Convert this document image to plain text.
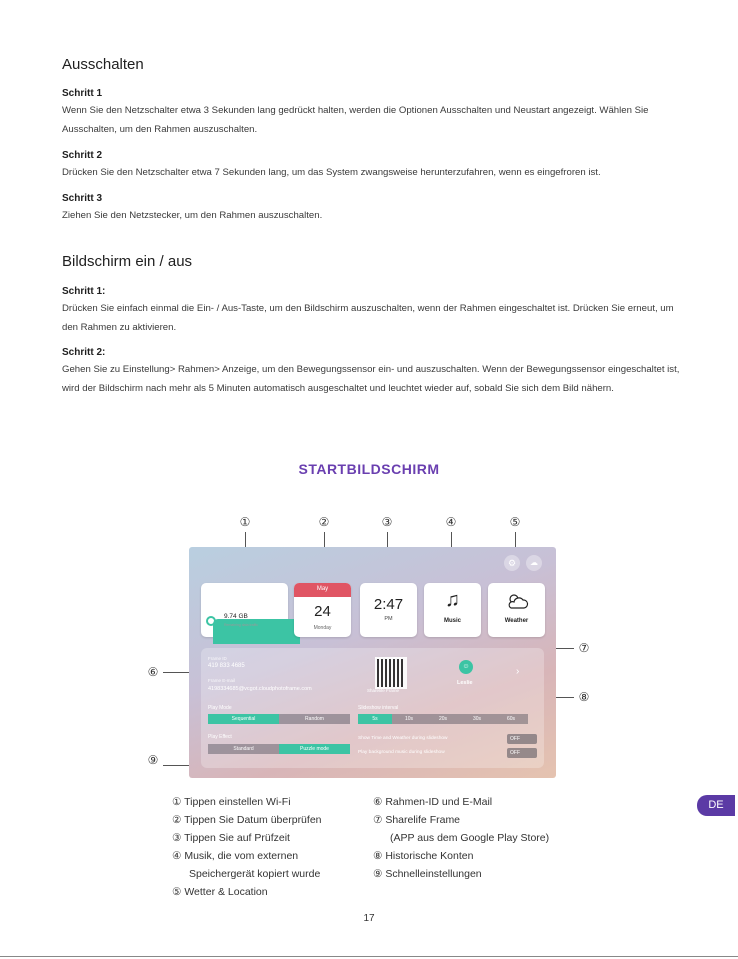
Ausschalten
Schritt 1
Wenn Sie den Netzschalter etwa 3 Sekunden lang gedrückt halten, werden die Optionen Ausschalten und Neustart angezeigt. Wählen Sie Ausschalten, um den Rahmen auszuschalten.
Schritt 2
Drücken Sie den Netzschalter etwa 7 Sekunden lang, um das System zwangsweise herunterzufahren, wenn es eingefroren ist.
Schritt 3
Ziehen Sie den Netzstecker, um den Rahmen auszuschalten.
Bildschirm ein / aus
Schritt 1:
Drücken Sie einfach einmal die Ein- / Aus-Taste, um den Bildschirm auszuschalten, wenn der Rahmen eingeschaltet ist. Drücken Sie erneut, um den Rahmen zu aktivieren.
Schritt 2:
Gehen Sie zu Einstellung> Rahmen> Anzeige, um den Bewegungssensor ein- und auszuschalten. Wenn der Bewegungssensor eingeschaltet ist, wird der Bildschirm nach mehr als 5 Minuten automatisch ausgeschaltet und leuchtet wieder auf, sobald Sie sich dem Bild nähern.
STARTBILDSCHIRM
①	②	③	④	⑤
⑥
⑦
⑧
⑨
⚙	☁
SHENJUGRO...
Connected
9.74 GB
Remaining data traffic
May
24
Monday
2:47
PM
♫
Music	Weather
Frame ID
419 833 4685
Frame E-mail
4198334685@vcgot.cloudphotoframe.com	Sharelife Frame
☺
Leslie
›
Play Mode
Sequential	Random
Slideshow interval
5s	10s	20s	30s	60s
Play Effect
Standard	Puzzle mode
Show Time and Weather during slideshow	OFF
Play background music during slideshow	OFF
① Tippen einstellen Wi-Fi
② Tippen Sie Datum überprüfen
③ Tippen Sie auf Prüfzeit
④ Musik, die vom externen
Speichergerät kopiert wurde
⑤ Wetter & Location
⑥ Rahmen-ID und E-Mail
⑦ Sharelife Frame
(APP aus dem Google Play Store)
⑧ Historische Konten
⑨ Schnelleinstellungen
DE
17
